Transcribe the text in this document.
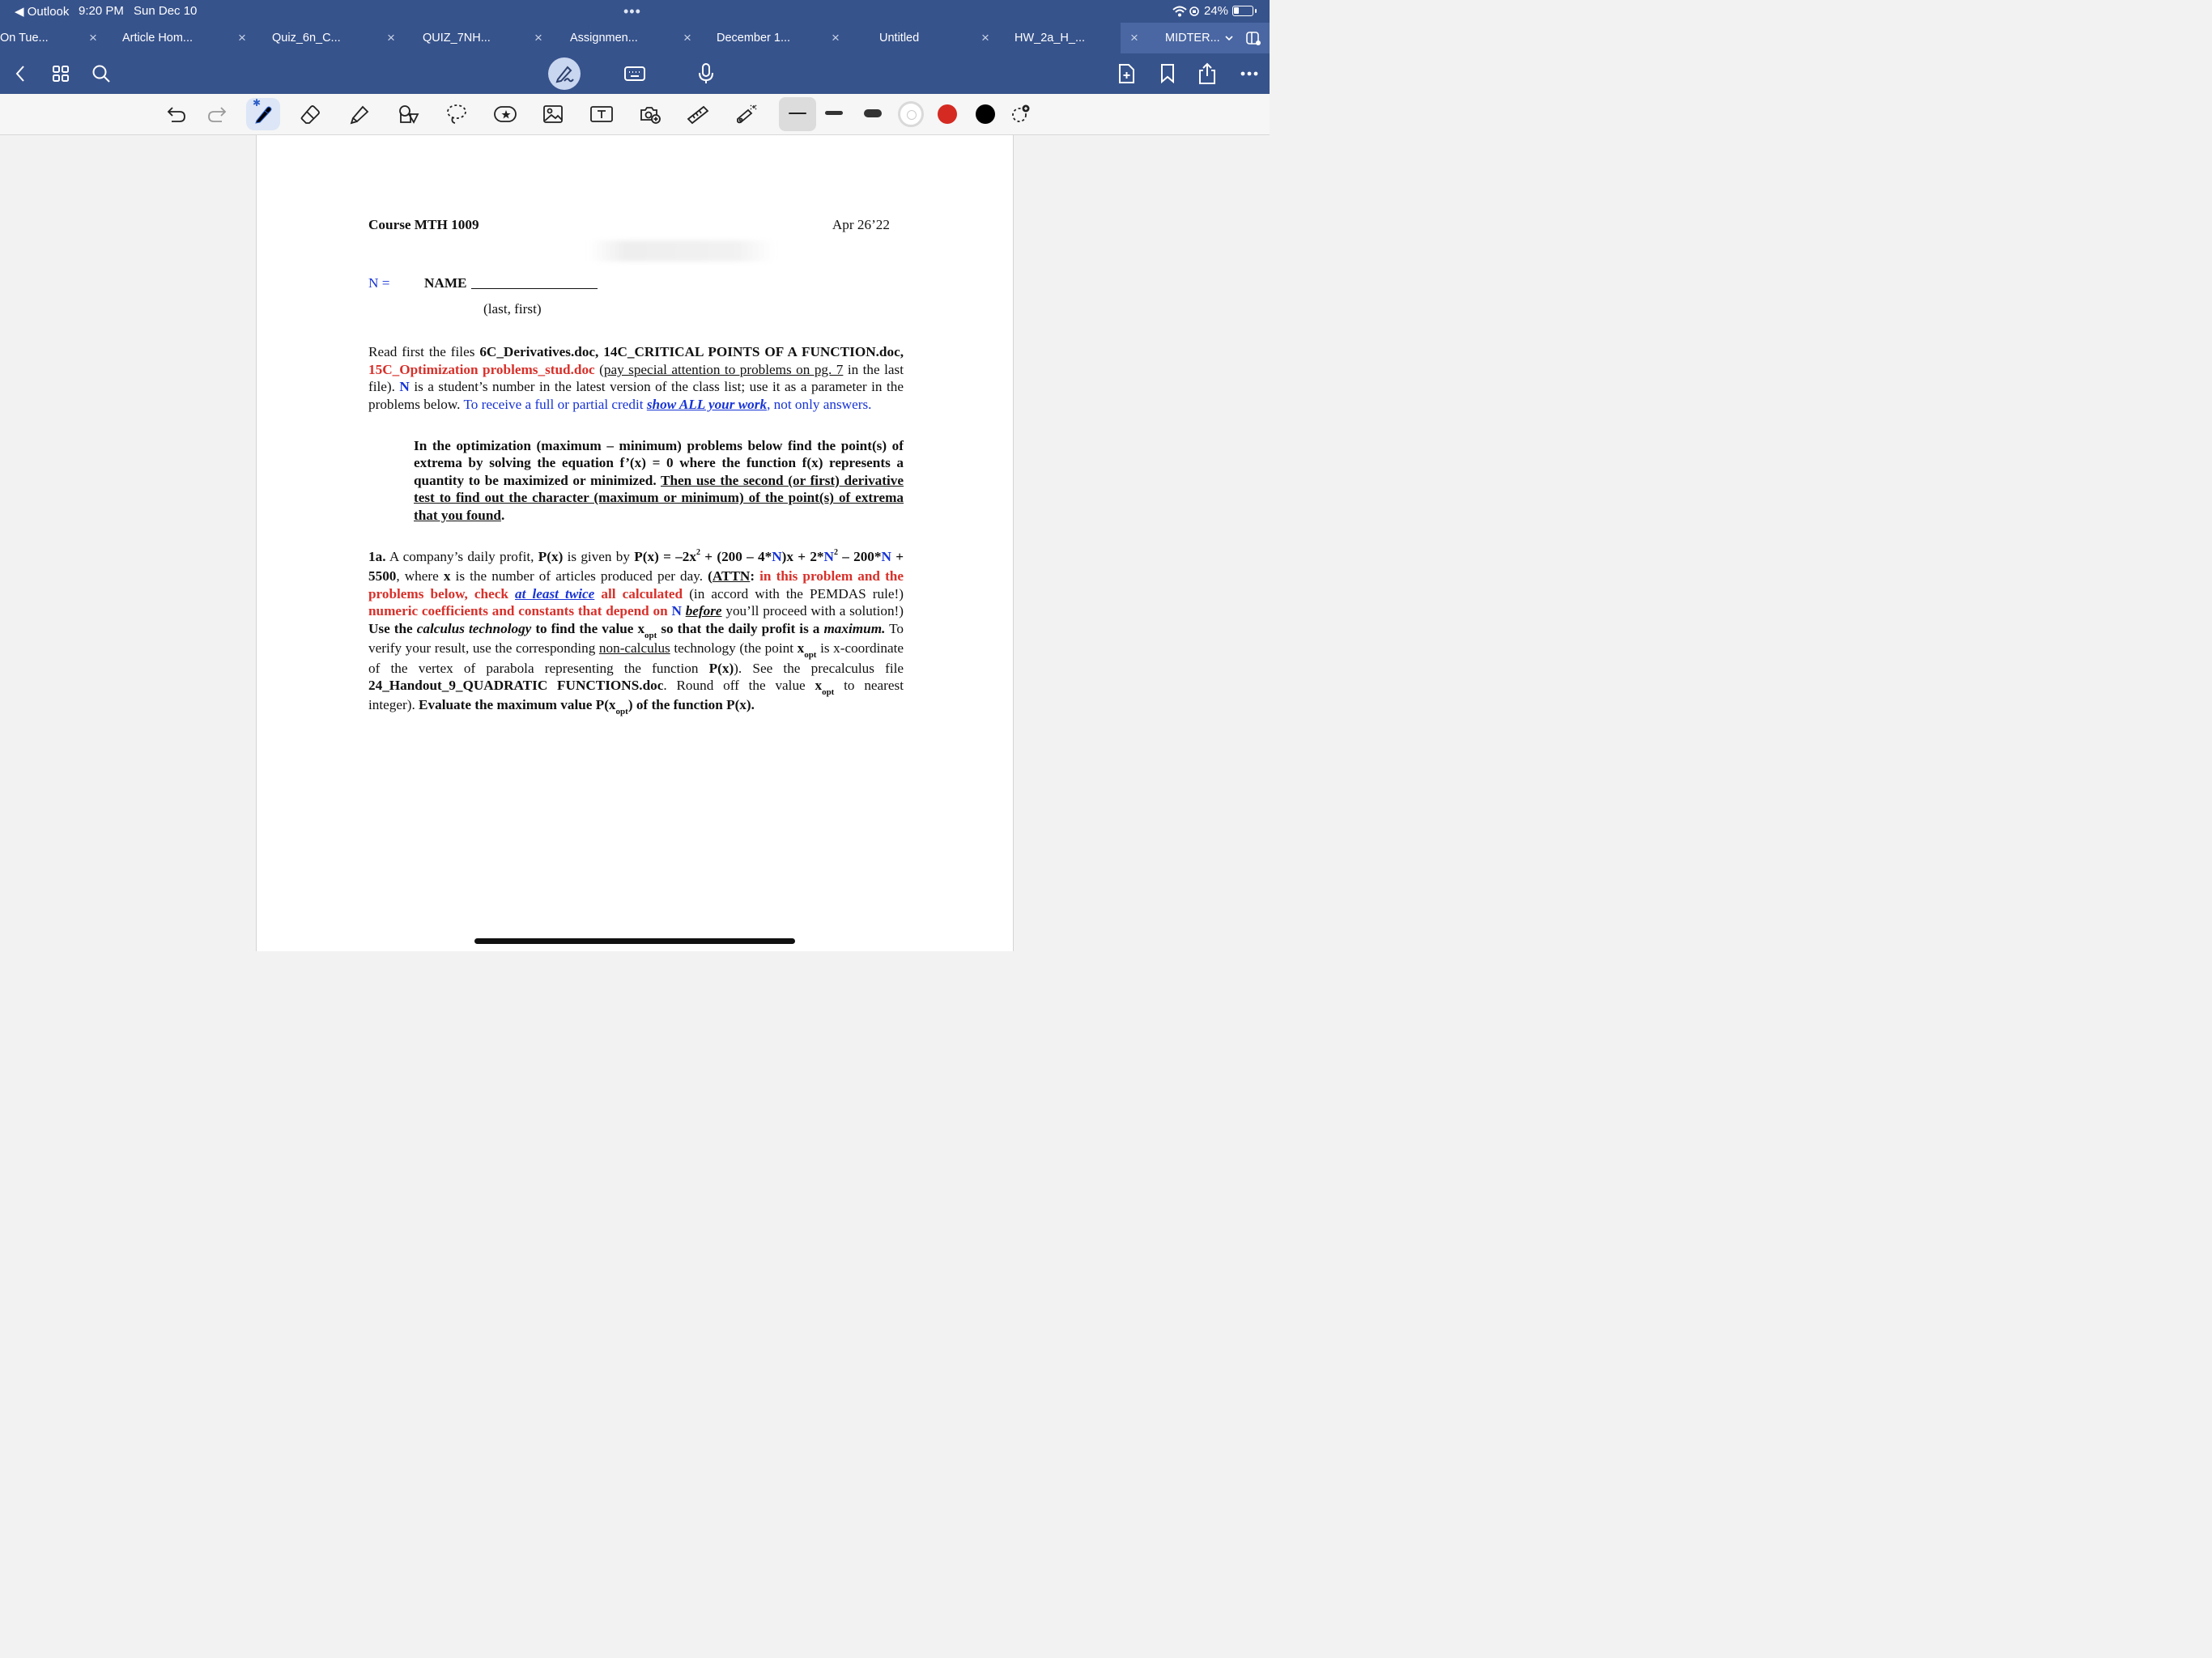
◀ Outlook 9:20 PM Sun Dec 10	•••	24%
On Tue...	× Article Hom...	× Quiz_6n_C...	× QUIZ_7NH...	× Assignmen...	× December 1...	×	Untitled	× HW_2a_H_...	× MIDTER...
✱
Course MTH 1009	Apr 26’22
N = NAME
(last, first)

Read first the files 6C_Derivatives.doc, 14C_CRITICAL POINTS OF A FUNCTION.doc, 15C_Optimization problems_stud.doc (pay special attention to problems on pg. 7 in the last file). N is a student’s number in the latest version of the class list; use it as a parameter in the problems below. To receive a full or partial credit show ALL your work, not only answers.

In the optimization (maximum – minimum) problems below find the point(s) of extrema by solving the equation f’(x) = 0 where the function f(x) represents a quantity to be maximized or minimized. Then use the second (or first) derivative test to find out the character (maximum or minimum) of the point(s) of extrema that you found.

1a. A company’s daily profit, P(x) is given by $P(x) = -2x^2 + (200 - 4*N)x + 2*N^2 - 200*N + 5500$, where x is the number of articles produced per day. (ATTN: in this problem and the problems below, check at least twice all calculated (in accord with the PEMDAS rule!) numeric coefficients and constants that depend on N before you’ll proceed with a solution!) Use the calculus technology to find the value $x_{opt}$ so that the daily profit is a maximum. To verify your result, use the corresponding non-calculus technology (the point $x_{opt}$ is x-coordinate of the vertex of parabola representing the function P(x)). See the precalculus file 24_Handout_9_QUADRATIC FUNCTIONS.doc. Round off the value $x_{opt}$ to nearest integer). Evaluate the maximum value $P(x_{opt})$ of the function P(x).
